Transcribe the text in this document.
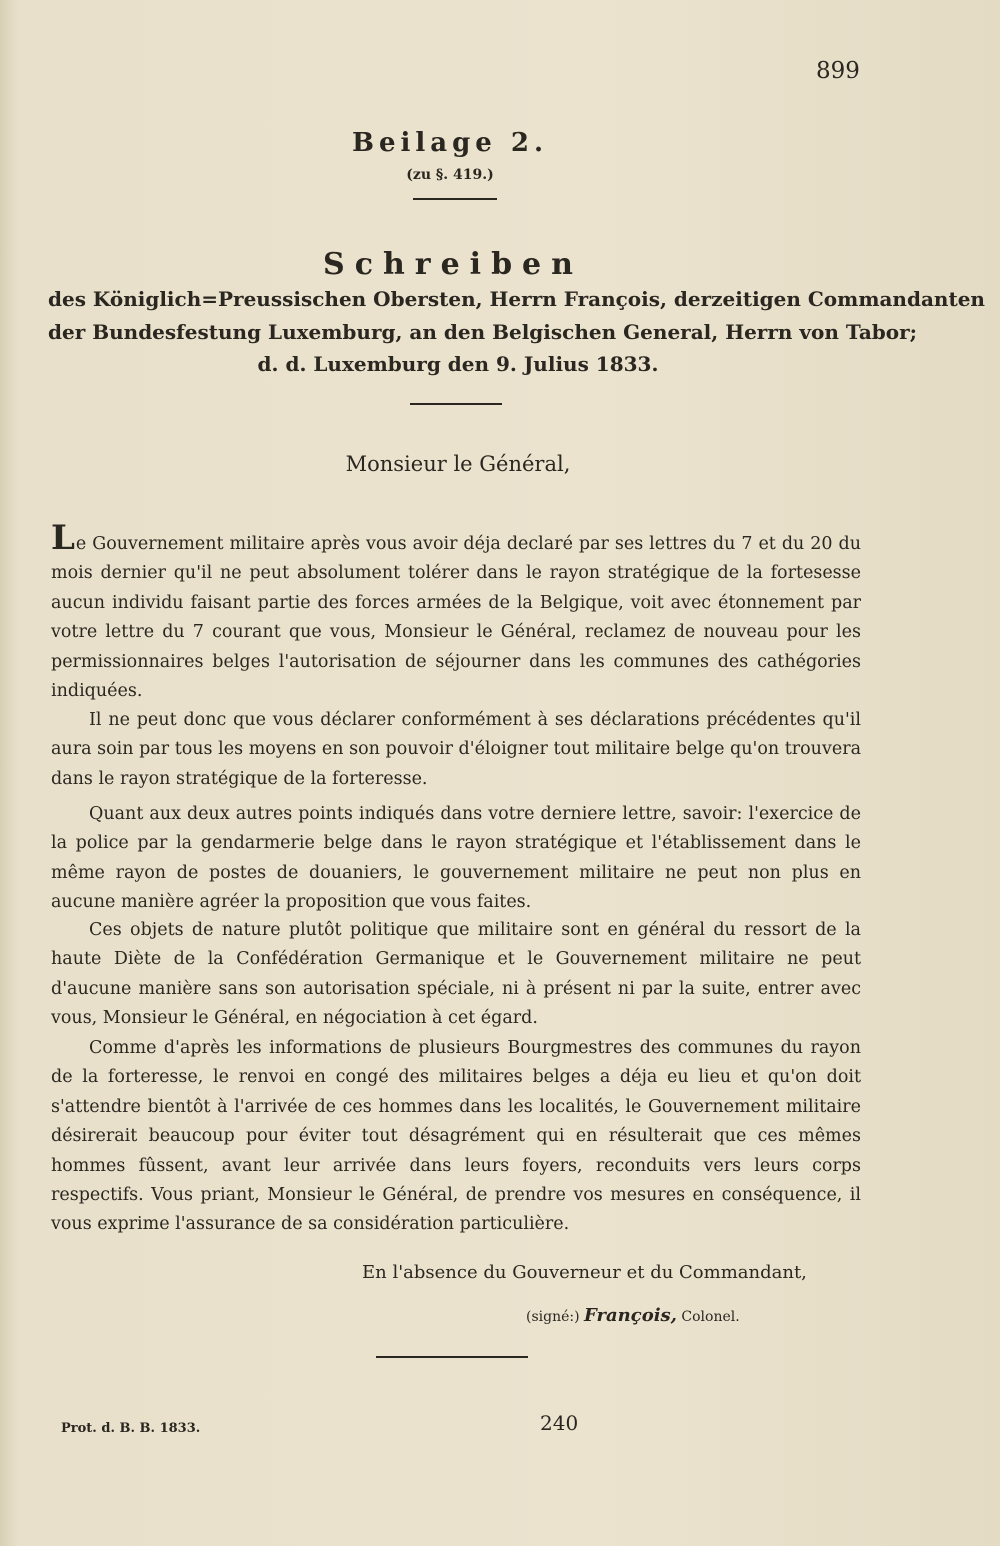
899
Beilage 2.
(zu §. 419.)
Schreiben
des Königlich=Preussischen Obersten, Herrn François, derzeitigen Commandanten
der Bundesfestung Luxemburg, an den Belgischen General, Herrn von Tabor;
d. d. Luxemburg den 9. Julius 1833.
Monsieur le Général,
Le Gouvernement militaire après vous avoir déja declaré par ses lettres du 7 et du 20 du mois dernier qu'il ne peut absolument tolérer dans le rayon stratégique de la fortesesse aucun individu faisant partie des forces armées de la Belgique, voit avec étonnement par votre lettre du 7 courant que vous, Monsieur le Général, reclamez de nouveau pour les permissionnaires belges l'autorisation de séjourner dans les communes des cathégories indiquées.
Il ne peut donc que vous déclarer conformément à ses déclarations précédentes qu'il aura soin par tous les moyens en son pouvoir d'éloigner tout militaire belge qu'on trouvera dans le rayon stratégique de la forteresse.
Quant aux deux autres points indiqués dans votre derniere lettre, savoir: l'exercice de la police par la gendarmerie belge dans le rayon stratégique et l'établissement dans le même rayon de postes de douaniers, le gouvernement militaire ne peut non plus en aucune manière agréer la proposition que vous faites.
Ces objets de nature plutôt politique que militaire sont en général du ressort de la haute Diète de la Confédération Germanique et le Gouvernement militaire ne peut d'aucune manière sans son autorisation spéciale, ni à présent ni par la suite, entrer avec vous, Monsieur le Général, en négociation à cet égard.
Comme d'après les informations de plusieurs Bourgmestres des communes du rayon de la forteresse, le renvoi en congé des militaires belges a déja eu lieu et qu'on doit s'attendre bientôt à l'arrivée de ces hommes dans les localités, le Gouvernement militaire désirerait beaucoup pour éviter tout désagrément qui en résulterait que ces mêmes hommes fûssent, avant leur arrivée dans leurs foyers, reconduits vers leurs corps respectifs. Vous priant, Monsieur le Général, de prendre vos mesures en conséquence, il vous exprime l'assurance de sa considération particulière.
En l'absence du Gouverneur et du Commandant,
(signé:) François, Colonel.
Prot. d. B. B. 1833.	240
